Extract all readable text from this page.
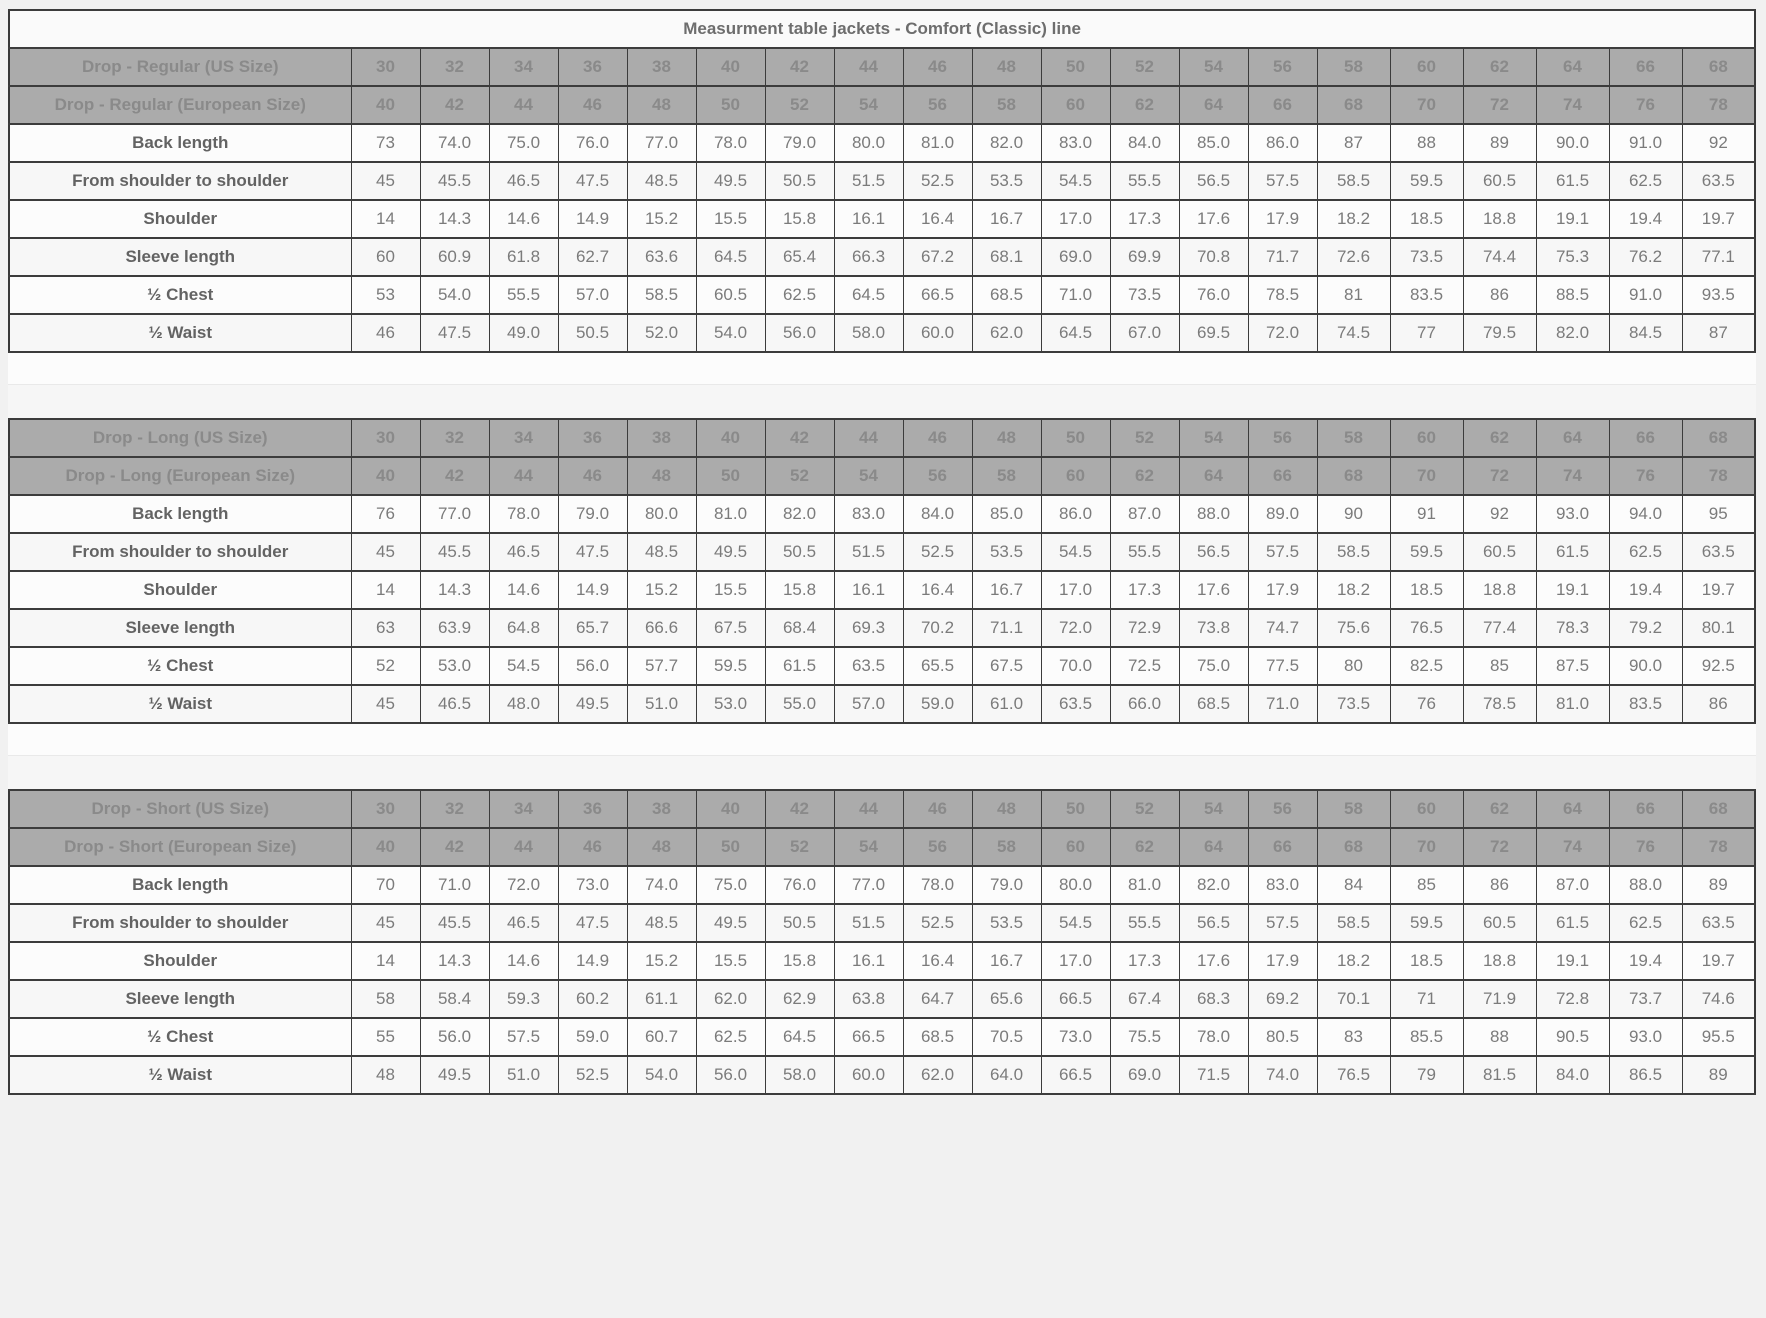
Measurment table jackets - Comfort (Classic) line																				
Drop - Regular (US Size)	30	32	34	36	38	40	42	44	46	48	50	52	54	56	58	60	62	64	66	68
Drop - Regular (European Size)	40	42	44	46	48	50	52	54	56	58	60	62	64	66	68	70	72	74	76	78
Back length	73	74.0	75.0	76.0	77.0	78.0	79.0	80.0	81.0	82.0	83.0	84.0	85.0	86.0	87	88	89	90.0	91.0	92
From shoulder to shoulder	45	45.5	46.5	47.5	48.5	49.5	50.5	51.5	52.5	53.5	54.5	55.5	56.5	57.5	58.5	59.5	60.5	61.5	62.5	63.5
Shoulder	14	14.3	14.6	14.9	15.2	15.5	15.8	16.1	16.4	16.7	17.0	17.3	17.6	17.9	18.2	18.5	18.8	19.1	19.4	19.7
Sleeve length	60	60.9	61.8	62.7	63.6	64.5	65.4	66.3	67.2	68.1	69.0	69.9	70.8	71.7	72.6	73.5	74.4	75.3	76.2	77.1
½ Chest	53	54.0	55.5	57.0	58.5	60.5	62.5	64.5	66.5	68.5	71.0	73.5	76.0	78.5	81	83.5	86	88.5	91.0	93.5
½ Waist	46	47.5	49.0	50.5	52.0	54.0	56.0	58.0	60.0	62.0	64.5	67.0	69.5	72.0	74.5	77	79.5	82.0	84.5	87
Drop - Long (US Size)	30	32	34	36	38	40	42	44	46	48	50	52	54	56	58	60	62	64	66	68
Drop - Long (European Size)	40	42	44	46	48	50	52	54	56	58	60	62	64	66	68	70	72	74	76	78
Back length	76	77.0	78.0	79.0	80.0	81.0	82.0	83.0	84.0	85.0	86.0	87.0	88.0	89.0	90	91	92	93.0	94.0	95
From shoulder to shoulder	45	45.5	46.5	47.5	48.5	49.5	50.5	51.5	52.5	53.5	54.5	55.5	56.5	57.5	58.5	59.5	60.5	61.5	62.5	63.5
Shoulder	14	14.3	14.6	14.9	15.2	15.5	15.8	16.1	16.4	16.7	17.0	17.3	17.6	17.9	18.2	18.5	18.8	19.1	19.4	19.7
Sleeve length	63	63.9	64.8	65.7	66.6	67.5	68.4	69.3	70.2	71.1	72.0	72.9	73.8	74.7	75.6	76.5	77.4	78.3	79.2	80.1
½ Chest	52	53.0	54.5	56.0	57.7	59.5	61.5	63.5	65.5	67.5	70.0	72.5	75.0	77.5	80	82.5	85	87.5	90.0	92.5
½ Waist	45	46.5	48.0	49.5	51.0	53.0	55.0	57.0	59.0	61.0	63.5	66.0	68.5	71.0	73.5	76	78.5	81.0	83.5	86
Drop - Short (US Size)	30	32	34	36	38	40	42	44	46	48	50	52	54	56	58	60	62	64	66	68
Drop - Short (European Size)	40	42	44	46	48	50	52	54	56	58	60	62	64	66	68	70	72	74	76	78
Back length	70	71.0	72.0	73.0	74.0	75.0	76.0	77.0	78.0	79.0	80.0	81.0	82.0	83.0	84	85	86	87.0	88.0	89
From shoulder to shoulder	45	45.5	46.5	47.5	48.5	49.5	50.5	51.5	52.5	53.5	54.5	55.5	56.5	57.5	58.5	59.5	60.5	61.5	62.5	63.5
Shoulder	14	14.3	14.6	14.9	15.2	15.5	15.8	16.1	16.4	16.7	17.0	17.3	17.6	17.9	18.2	18.5	18.8	19.1	19.4	19.7
Sleeve length	58	58.4	59.3	60.2	61.1	62.0	62.9	63.8	64.7	65.6	66.5	67.4	68.3	69.2	70.1	71	71.9	72.8	73.7	74.6
½ Chest	55	56.0	57.5	59.0	60.7	62.5	64.5	66.5	68.5	70.5	73.0	75.5	78.0	80.5	83	85.5	88	90.5	93.0	95.5
½ Waist	48	49.5	51.0	52.5	54.0	56.0	58.0	60.0	62.0	64.0	66.5	69.0	71.5	74.0	76.5	79	81.5	84.0	86.5	89
